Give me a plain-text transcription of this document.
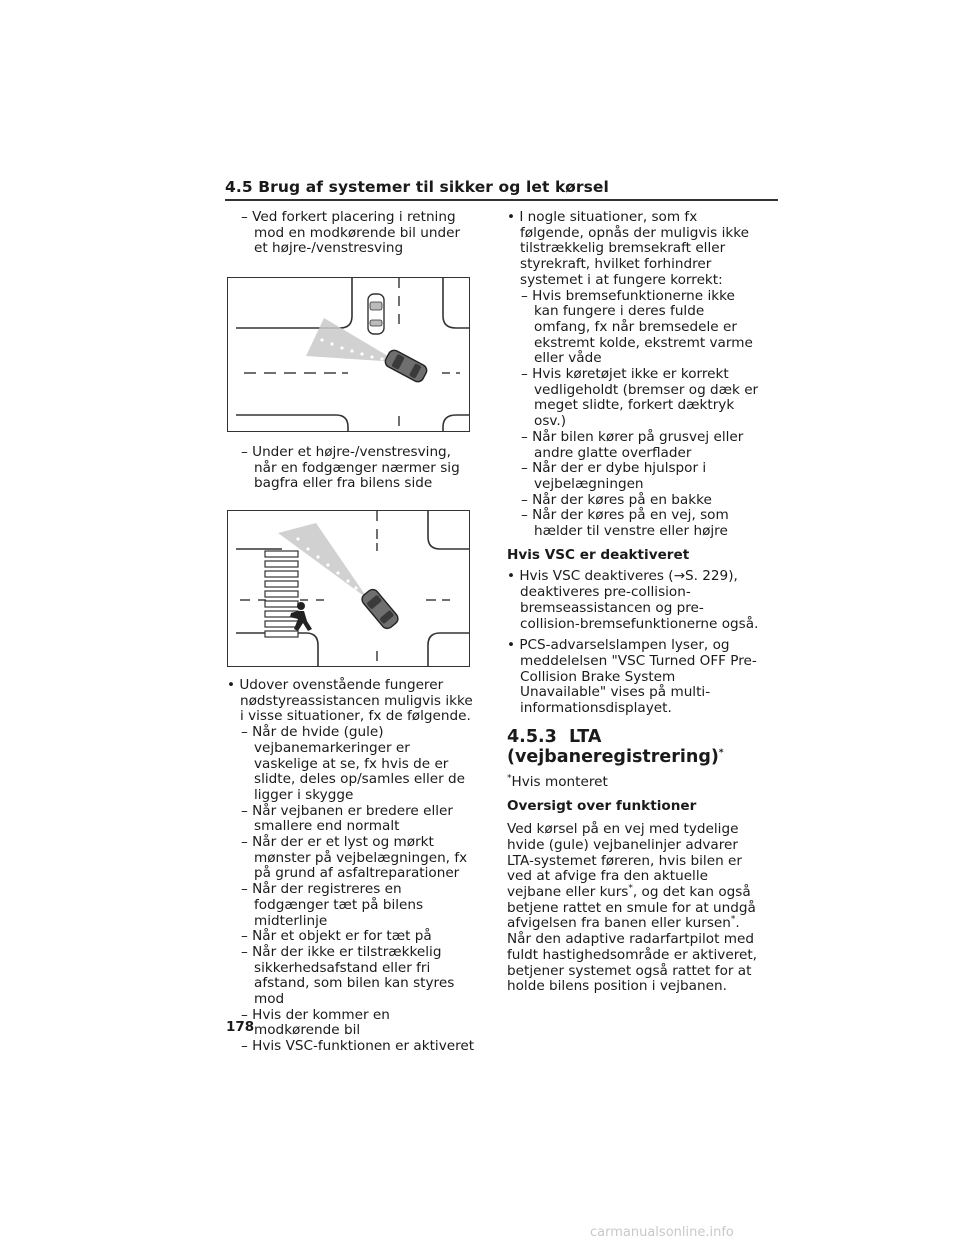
4.5 Brug af systemer til sikker og let kørsel
– Ved forkert placering i retning mod en modkørende bil under et højre-/venstresving
– Under et højre-/venstresving, når en fodgænger nærmer sig bagfra eller fra bilens side
• Udover ovenstående fungerer nødstyreassistancen muligvis ikke i visse situationer, fx de følgende.
– Når de hvide (gule) vejbanemarkeringer er vaskelige at se, fx hvis de er slidte, deles op/samles eller de ligger i skygge
– Når vejbanen er bredere eller smallere end normalt
– Når der er et lyst og mørkt mønster på vejbelægningen, fx på grund af asfaltreparationer
– Når der registreres en fodgænger tæt på bilens midterlinje
– Når et objekt er for tæt på
– Når der ikke er tilstrækkelig sikkerhedsafstand eller fri afstand, som bilen kan styres mod
– Hvis der kommer en modkørende bil
– Hvis VSC-funktionen er aktiveret
• I nogle situationer, som fx følgende, opnås der muligvis ikke tilstrækkelig bremsekraft eller styrekraft, hvilket forhindrer systemet i at fungere korrekt:
– Hvis bremsefunktionerne ikke kan fungere i deres fulde omfang, fx når bremsedele er ekstremt kolde, ekstremt varme eller våde
– Hvis køretøjet ikke er korrekt vedligeholdt (bremser og dæk er meget slidte, forkert dæktryk osv.)
– Når bilen kører på grusvej eller andre glatte overflader
– Når der er dybe hjulspor i vejbelægningen
– Når der køres på en bakke
– Når der køres på en vej, som hælder til venstre eller højre
Hvis VSC er deaktiveret
• Hvis VSC deaktiveres (→S. 229), deaktiveres pre-collision-bremseassistancen og pre-collision-bremsefunktionerne også.
• PCS-advarselslampen lyser, og meddelelsen "VSC Turned OFF Pre-Collision Brake System Unavailable" vises på multi-informationsdisplayet.
4.5.3 LTA (vejbaneregistrering)*
*Hvis monteret
Oversigt over funktioner
Ved kørsel på en vej med tydelige hvide (gule) vejbanelinjer advarer LTA-systemet føreren, hvis bilen er ved at afvige fra den aktuelle vejbane eller kurs*, og det kan også betjene rattet en smule for at undgå afvigelsen fra banen eller kursen*. Når den adaptive radarfartpilot med fuldt hastighedsområde er aktiveret, betjener systemet også rattet for at holde bilens position i vejbanen.
178
carmanualsonline.info
